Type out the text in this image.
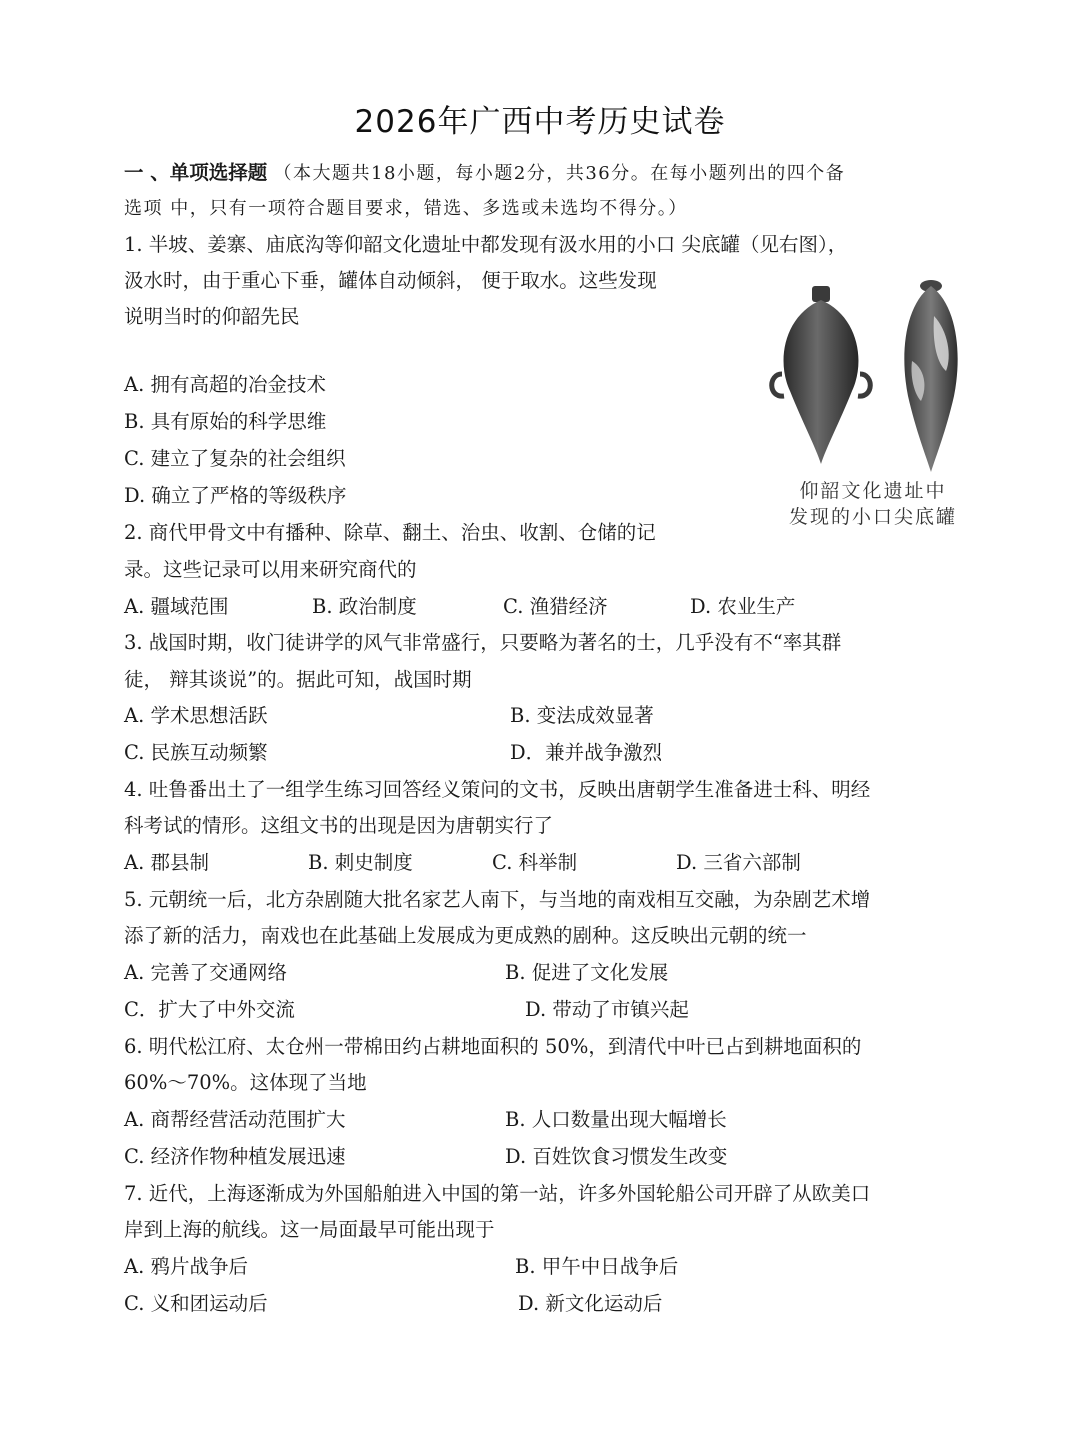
2026年广西中考历史试卷
一 、单项选择题 （本大题共18小题，每小题2分，共36分。在每小题列出的四个备
选项 中，只有一项符合题目要求，错选、多选或未选均不得分。）
1. 半坡、姜寨、庙底沟等仰韶文化遗址中都发现有汲水用的小口 尖底罐（见右图），
汲水时，由于重心下垂，罐体自动倾斜， 便于取水。这些发现
说明当时的仰韶先民
A. 拥有高超的冶金技术
B. 具有原始的科学思维
C. 建立了复杂的社会组织
D. 确立了严格的等级秩序	仰韶文化遗址中
发现的小口尖底罐
2. 商代甲骨文中有播种、除草、翻土、治虫、收割、仓储的记
录。这些记录可以用来研究商代的
A. 疆域范围	B. 政治制度	C. 渔猎经济	D. 农业生产
3. 战国时期，收门徒讲学的风气非常盛行，只要略为著名的士，几乎没有不“率其群
徒， 辩其谈说”的。据此可知，战国时期
A. 学术思想活跃	B. 变法成效显著
C. 民族互动频繁	D．兼并战争激烈
4. 吐鲁番出土了一组学生练习回答经义策问的文书，反映出唐朝学生准备进士科、明经
科考试的情形。这组文书的出现是因为唐朝实行了
A. 郡县制	B. 刺史制度	C. 科举制	D. 三省六部制
5. 元朝统一后，北方杂剧随大批名家艺人南下，与当地的南戏相互交融，为杂剧艺术增
添了新的活力，南戏也在此基础上发展成为更成熟的剧种。这反映出元朝的统一
A. 完善了交通网络	B. 促进了文化发展
C．扩大了中外交流	D. 带动了市镇兴起
6. 明代松江府、太仓州一带棉田约占耕地面积的 50%，到清代中叶已占到耕地面积的
60%～70%。这体现了当地
A. 商帮经营活动范围扩大	B. 人口数量出现大幅增长
C. 经济作物种植发展迅速	D. 百姓饮食习惯发生改变
7. 近代，上海逐渐成为外国船舶进入中国的第一站，许多外国轮船公司开辟了从欧美口
岸到上海的航线。这一局面最早可能出现于
A. 鸦片战争后	B. 甲午中日战争后
C. 义和团运动后	D. 新文化运动后
